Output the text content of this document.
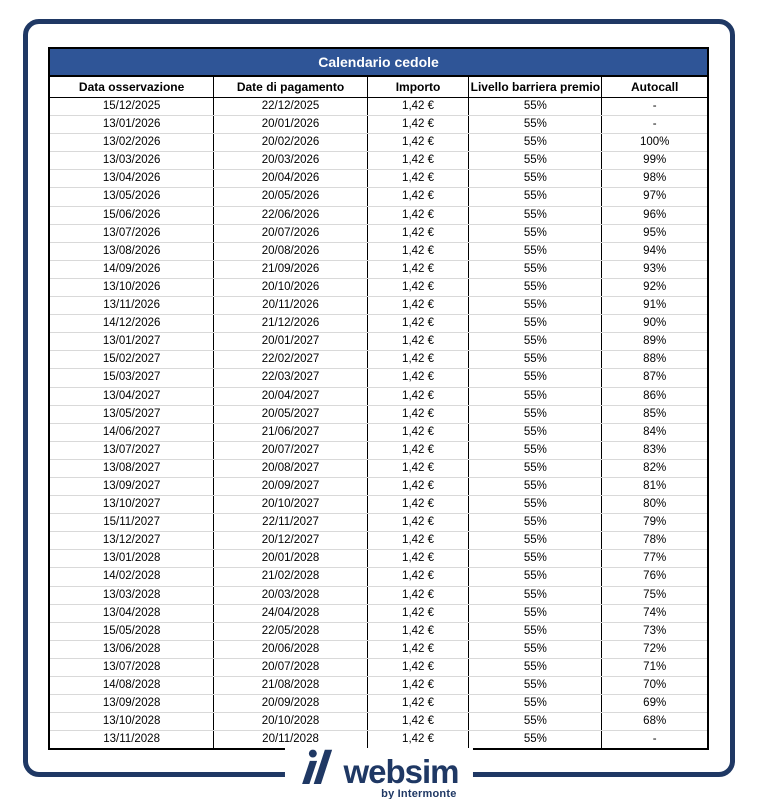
Calendario cedole				
Data osservazione	Date di pagamento	Importo	Livello barriera premio	Autocall
15/12/2025	22/12/2025	1,42 €	55%	-
13/01/2026	20/01/2026	1,42 €	55%	-
13/02/2026	20/02/2026	1,42 €	55%	100%
13/03/2026	20/03/2026	1,42 €	55%	99%
13/04/2026	20/04/2026	1,42 €	55%	98%
13/05/2026	20/05/2026	1,42 €	55%	97%
15/06/2026	22/06/2026	1,42 €	55%	96%
13/07/2026	20/07/2026	1,42 €	55%	95%
13/08/2026	20/08/2026	1,42 €	55%	94%
14/09/2026	21/09/2026	1,42 €	55%	93%
13/10/2026	20/10/2026	1,42 €	55%	92%
13/11/2026	20/11/2026	1,42 €	55%	91%
14/12/2026	21/12/2026	1,42 €	55%	90%
13/01/2027	20/01/2027	1,42 €	55%	89%
15/02/2027	22/02/2027	1,42 €	55%	88%
15/03/2027	22/03/2027	1,42 €	55%	87%
13/04/2027	20/04/2027	1,42 €	55%	86%
13/05/2027	20/05/2027	1,42 €	55%	85%
14/06/2027	21/06/2027	1,42 €	55%	84%
13/07/2027	20/07/2027	1,42 €	55%	83%
13/08/2027	20/08/2027	1,42 €	55%	82%
13/09/2027	20/09/2027	1,42 €	55%	81%
13/10/2027	20/10/2027	1,42 €	55%	80%
15/11/2027	22/11/2027	1,42 €	55%	79%
13/12/2027	20/12/2027	1,42 €	55%	78%
13/01/2028	20/01/2028	1,42 €	55%	77%
14/02/2028	21/02/2028	1,42 €	55%	76%
13/03/2028	20/03/2028	1,42 €	55%	75%
13/04/2028	24/04/2028	1,42 €	55%	74%
15/05/2028	22/05/2028	1,42 €	55%	73%
13/06/2028	20/06/2028	1,42 €	55%	72%
13/07/2028	20/07/2028	1,42 €	55%	71%
14/08/2028	21/08/2028	1,42 €	55%	70%
13/09/2028	20/09/2028	1,42 €	55%	69%
13/10/2028	20/10/2028	1,42 €	55%	68%
13/11/2028	20/11/2028	1,42 €	55%	-
websim
by Intermonte
